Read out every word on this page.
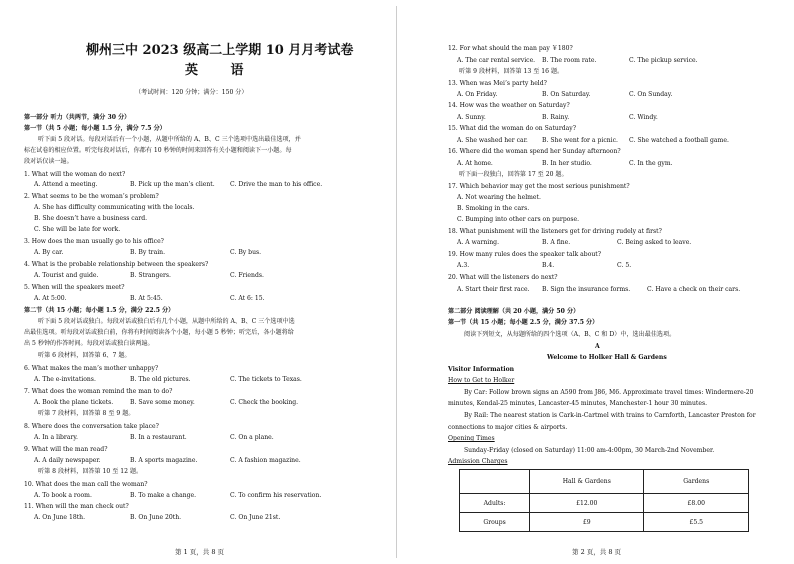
柳州三中 2023 级高二上学期 10 月月考试卷
英 语
（考试时间：120 分钟；满分：150 分）
第一部分 听力（共两节，满分 30 分）
第一节（共 5 小题；每小题 1.5 分，满分 7.5 分）
听下面 5 段对话。每段对话后有一个小题，从题中所给的 A、B、C 三个选项中选出最佳选项，并
标在试卷的相应位置。听完每段对话后，你都有 10 秒钟的时间来回答有关小题和阅读下一小题。每
段对话仅读一遍。
1. What will the woman do next?
A. Attend a meeting.	B. Pick up the man’s client.	C. Drive the man to his office.
2. What seems to be the woman’s problem?
A. She has difficulty communicating with the locals.
B. She doesn’t have a business card.
C. She will be late for work.
3. How does the man usually go to his office?
A. By car.	B. By train.	C. By bus.
4. What is the probable relationship between the speakers?
A. Tourist and guide.	B. Strangers.	C. Friends.
5. When will the speakers meet?
A. At 5:00.	B. At 5:45.	C. At 6: 15.
第二节（共 15 小题；每小题 1.5 分，满分 22.5 分）
听下面 5 段对话或独白。每段对话或独白后有几个小题，从题中所给的 A、B、C 三个选项中选
出最佳选项。听每段对话或独白前，你将有时间阅读各个小题，每小题 5 秒钟；听完后，各小题将给
出 5 秒钟的作答时间。每段对话或独白读两遍。
听第 6 段材料，回答第 6、7 题。
6. What makes the man’s mother unhappy?
A. The e-invitations.	B. The old pictures.	C. The tickets to Texas.
7. What does the woman remind the man to do?
A. Book the plane tickets.	B. Save some money.	C. Check the booking.
听第 7 段材料，回答第 8 至 9 题。
8. Where does the conversation take place?
A. In a library.	B. In a restaurant.	C. On a plane.
9. What will the man read?
A. A daily newspaper.	B. A sports magazine.	C. A fashion magazine.
听第 8 段材料，回答第 10 至 12 题。
10. What does the man call the woman?
A. To book a room.	B. To make a change.	C. To confirm his reservation.
11. When will the man check out?
A. On June 18th.	B. On June 20th.	C. On June 21st.
第 1 页，共 8 页
12. For what should the man pay ￥180?
A. The car rental service. B. The room rate.	C. The pickup service.
听第 9 段材料，回答第 13 至 16 题。
13. When was Mei’s party held?
A. On Friday.	B. On Saturday.	C. On Sunday.
14. How was the weather on Saturday?
A. Sunny.	B. Rainy.	C. Windy.
15. What did the woman do on Saturday?
A. She washed her car. B. She went for a picnic. C. She watched a football game.
16. Where did the woman spend her Sunday afternoon?
A. At home.	B. In her studio.	C. In the gym.
听下面一段独白，回答第 17 至 20 题。
17. Which behavior may get the most serious punishment?
A. Not wearing the helmet.
B. Smoking in the cars.
C. Bumping into other cars on purpose.
18. What punishment will the listeners get for driving rudely at first?
A. A warning.	B. A fine.	C. Being asked to leave.
19. How many rules does the speaker talk about?
A.3.	B.4.	C. 5.
20. What will the listeners do next?
A. Start their first race. B. Sign the insurance forms.	C. Have a check on their cars.
第二部分 阅读理解（共 20 小题，满分 50 分）
第一节（共 15 小题；每小题 2.5 分，满分 37.5 分）
阅读下列短文，从每题所给的四个选项（A、B、C 和 D）中，选出最佳选项。
A
Welcome to Holker Hall & Gardens
Visitor Information
How to Get to Holker
By Car: Follow brown signs an A590 from J86, M6. Approximate travel times: Windermere-20
minutes, Kendal-25 minutes, Lancaster-45 minutes, Manchester-1 hour 30 minutes.
By Rail: The nearest station is Cark-in-Cartmel with trains to Carnforth, Lancaster Preston for
connections to major cities & airports.
Opening Times
Sunday-Friday (closed on Saturday) 11:00 am-4:00pm, 30 March-2nd November.
Admission Charges
	Hall & Gardens	Gardens
Adults:	£12.00	£8.00
Groups	£9	£5.5
第 2 页，共 8 页
